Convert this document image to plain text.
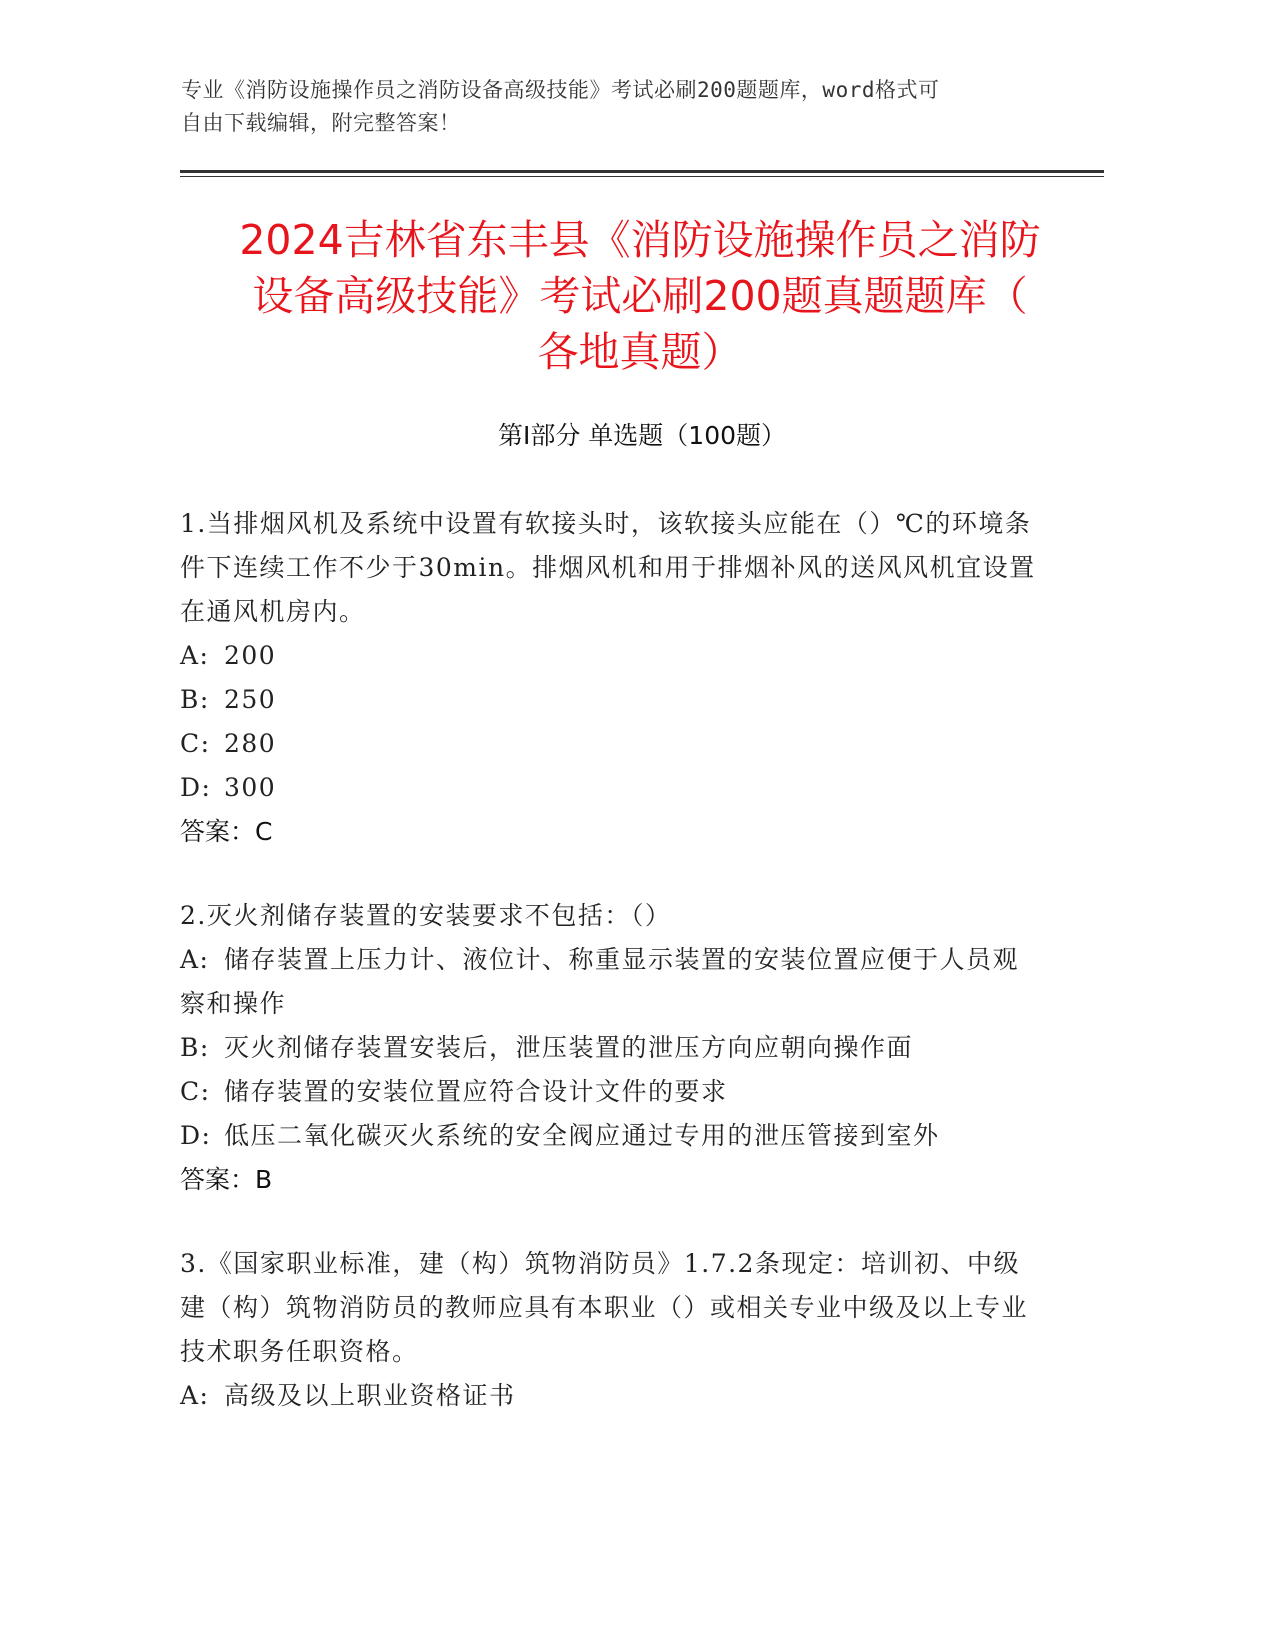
专业《消防设施操作员之消防设备高级技能》考试必刷200题题库，word格式可
自由下载编辑，附完整答案！
2024吉林省东丰县《消防设施操作员之消防
设备高级技能》考试必刷200题真题题库（
各地真题）
第Ⅰ部分 单选题（100题）

1.当排烟风机及系统中设置有软接头时，该软接头应能在（）℃的环境条件下连续工作不少于30min。排烟风机和用于排烟补风的送风风机宜设置在通风机房内。

A: 200

B: 250

C: 280

D: 300

答案：C

2.灭火剂储存装置的安装要求不包括：（）

A: 储存装置上压力计、液位计、称重显示装置的安装位置应便于人员观察和操作

B: 灭火剂储存装置安装后，泄压装置的泄压方向应朝向操作面

C: 储存装置的安装位置应符合设计文件的要求

D: 低压二氧化碳灭火系统的安全阀应通过专用的泄压管接到室外

答案：B

3.《国家职业标准，建（构）筑物消防员》1.7.2条现定：培训初、中级建（构）筑物消防员的教师应具有本职业（）或相关专业中级及以上专业技术职务任职资格。

A: 高级及以上职业资格证书
